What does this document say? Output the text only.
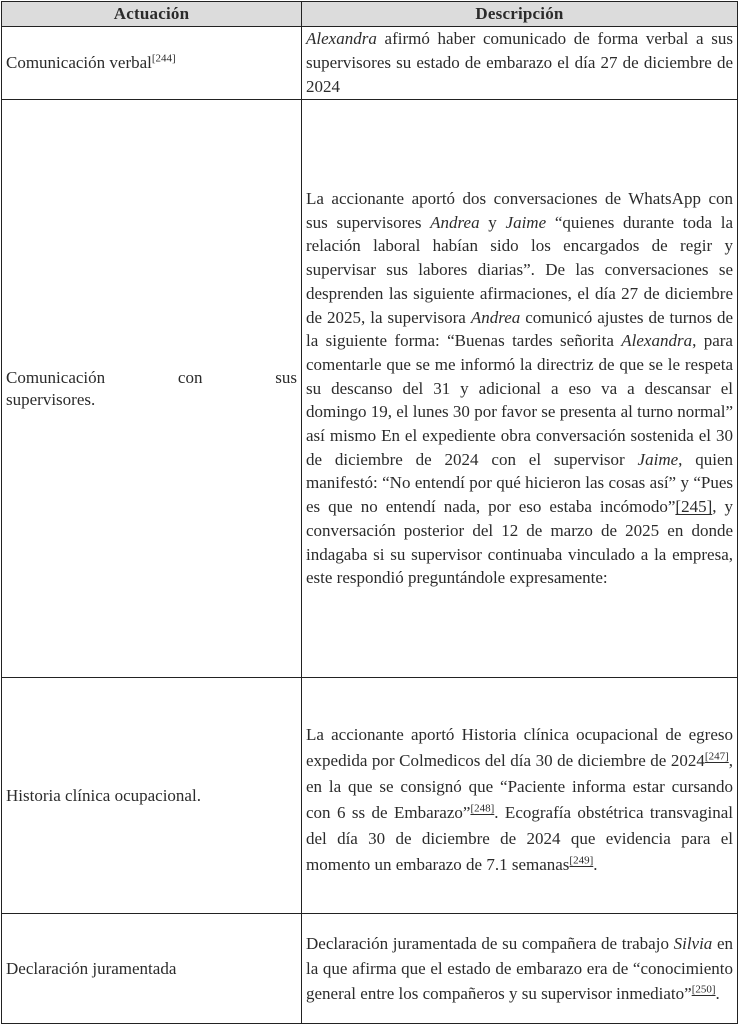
Actuación	Descripción
Comunicación verbal[244]	Alexandra afirmó haber comunicado de forma verbal a sus supervisores su estado de embarazo el día 27 de diciembre de 2024

Comunicación con sus
supervisores.	La accionante aportó dos conversaciones de WhatsApp con sus supervisores Andrea y Jaime “quienes durante toda la relación laboral habían sido los encargados de regir y supervisar sus labores diarias”. De las conversaciones se desprenden las siguiente afirmaciones, el día 27 de diciembre de 2025, la supervisora Andrea comunicó ajustes de turnos de la siguiente forma: “Buenas tardes señorita Alexandra, para comentarle que se me informó la directriz de que se le respeta su descanso del 31 y adicional a eso va a descansar el domingo 19, el lunes 30 por favor se presenta al turno normal” así mismo En el expediente obra conversación sostenida el 30 de diciembre de 2024 con el supervisor Jaime, quien manifestó: “No entendí por qué hicieron las cosas así” y “Pues es que no entendí nada, por eso estaba incómodo”[245], y conversación posterior del 12 de marzo de 2025 en donde indagaba si su supervisor continuaba vinculado a la empresa, este respondió preguntándole expresamente:

Historia clínica ocupacional.	La accionante aportó Historia clínica ocupacional de egreso expedida por Colmedicos del día 30 de diciembre de 2024[247], en la que se consignó que “Paciente informa estar cursando con 6 ss de Embarazo”[248]. Ecografía obstétrica transvaginal del día 30 de diciembre de 2024 que evidencia para el momento un embarazo de 7.1 semanas[249].

Declaración juramentada	Declaración juramentada de su compañera de trabajo Silvia en la que afirma que el estado de embarazo era de “conocimiento general entre los compañeros y su supervisor inmediato”[250].
